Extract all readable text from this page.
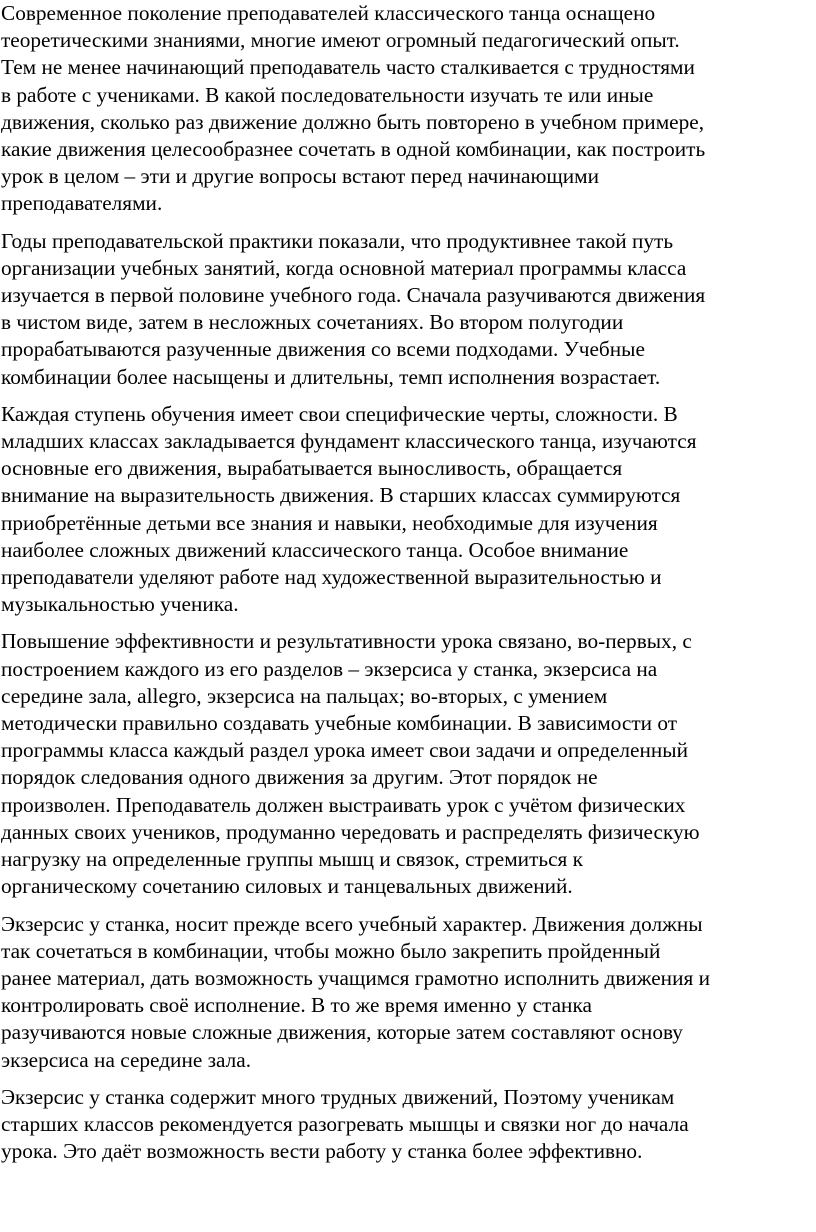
Современное поколение преподавателей классического танца оснащено
теоретическими знаниями, многие имеют огромный педагогический опыт.
Тем не менее начинающий преподаватель часто сталкивается с трудностями
в работе с учениками. В какой последовательности изучать те или иные
движения, сколько раз движение должно быть повторено в учебном примере,
какие движения целесообразнее сочетать в одной комбинации, как построить
урок в целом – эти и другие вопросы встают перед начинающими
преподавателями.

Годы преподавательской практики показали, что продуктивнее такой путь
организации учебных занятий, когда основной материал программы класса
изучается в первой половине учебного года. Сначала разучиваются движения
в чистом виде, затем в несложных сочетаниях. Во втором полугодии
прорабатываются разученные движения со всеми подходами. Учебные
комбинации более насыщены и длительны, темп исполнения возрастает.

Каждая ступень обучения имеет свои специфические черты, сложности. В
младших классах закладывается фундамент классического танца, изучаются
основные его движения, вырабатывается выносливость, обращается
внимание на выразительность движения. В старших классах суммируются
приобретённые детьми все знания и навыки, необходимые для изучения
наиболее сложных движений классического танца. Особое внимание
преподаватели уделяют работе над художественной выразительностью и
музыкальностью ученика.

Повышение эффективности и результативности урока связано, во-первых, с
построением каждого из его разделов – экзерсиса у станка, экзерсиса на
середине зала, allegro, экзерсиса на пальцах; во-вторых, с умением
методически правильно создавать учебные комбинации. В зависимости от
программы класса каждый раздел урока имеет свои задачи и определенный
порядок следования одного движения за другим. Этот порядок не
произволен. Преподаватель должен выстраивать урок с учётом физических
данных своих учеников, продуманно чередовать и распределять физическую
нагрузку на определенные группы мышц и связок, стремиться к
органическому сочетанию силовых и танцевальных движений.

Экзерсис у станка, носит прежде всего учебный характер. Движения должны
так сочетаться в комбинации, чтобы можно было закрепить пройденный
ранее материал, дать возможность учащимся грамотно исполнить движения и
контролировать своё исполнение. В то же время именно у станка
разучиваются новые сложные движения, которые затем составляют основу
экзерсиса на середине зала.

Экзерсис у станка содержит много трудных движений, Поэтому ученикам
старших классов рекомендуется разогревать мышцы и связки ног до начала
урока. Это даёт возможность вести работу у станка более эффективно.
